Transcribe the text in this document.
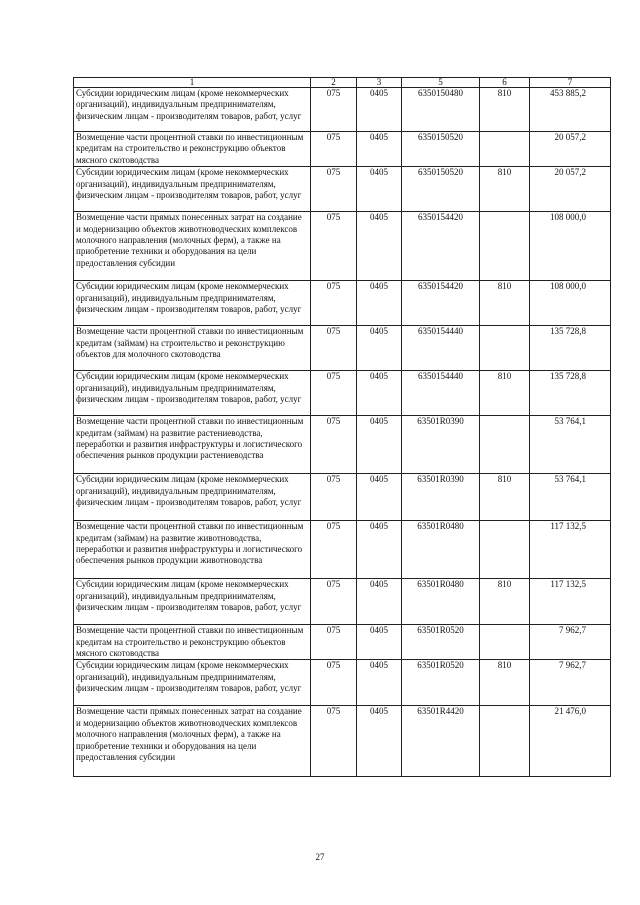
1	2	3	5	6	7
Субсидии юридическим лицам (кроме некоммерческих организаций), индивидуальным предпринимателям, физическим лицам - производителям товаров, работ, услуг	075	0405	6350150480	810	453 885,2
Возмещение части процентной ставки по инвестиционным кредитам на строительство и реконструкцию объектов мясного скотоводства	075	0405	6350150520		20 057,2
Субсидии юридическим лицам (кроме некоммерческих организаций), индивидуальным предпринимателям, физическим лицам - производителям товаров, работ, услуг	075	0405	6350150520	810	20 057,2
Возмещение части прямых понесенных затрат на создание и модернизацию объектов животноводческих комплексов молочного направления (молочных ферм), а также на приобретение техники и оборудования на цели предоставления субсидии	075	0405	6350154420		108 000,0
Субсидии юридическим лицам (кроме некоммерческих организаций), индивидуальным предпринимателям, физическим лицам - производителям товаров, работ, услуг	075	0405	6350154420	810	108 000,0
Возмещение части процентной ставки по инвестиционным кредитам (займам) на строительство и реконструкцию объектов для молочного скотоводства	075	0405	6350154440		135 728,8
Субсидии юридическим лицам (кроме некоммерческих организаций), индивидуальным предпринимателям, физическим лицам - производителям товаров, работ, услуг	075	0405	6350154440	810	135 728,8
Возмещение части процентной ставки по инвестиционным кредитам (займам) на развитие растениеводства, переработки и развития инфраструктуры и логистического обеспечения рынков продукции растениеводства	075	0405	63501R0390		53 764,1
Субсидии юридическим лицам (кроме некоммерческих организаций), индивидуальным предпринимателям, физическим лицам - производителям товаров, работ, услуг	075	0405	63501R0390	810	53 764,1
Возмещение части процентной ставки по инвестиционным кредитам (займам) на развитие животноводства, переработки и развития инфраструктуры и логистического обеспечения рынков продукции животноводства	075	0405	63501R0480		117 132,5
Субсидии юридическим лицам (кроме некоммерческих организаций), индивидуальным предпринимателям, физическим лицам - производителям товаров, работ, услуг	075	0405	63501R0480	810	117 132,5
Возмещение части процентной ставки по инвестиционным кредитам на строительство и реконструкцию объектов мясного скотоводства	075	0405	63501R0520		7 962,7
Субсидии юридическим лицам (кроме некоммерческих организаций), индивидуальным предпринимателям, физическим лицам - производителям товаров, работ, услуг	075	0405	63501R0520	810	7 962,7
Возмещение части прямых понесенных затрат на создание и модернизацию объектов животноводческих комплексов молочного направления (молочных ферм), а также на приобретение техники и оборудования на цели предоставления субсидии	075	0405	63501R4420		21 476,0
27
